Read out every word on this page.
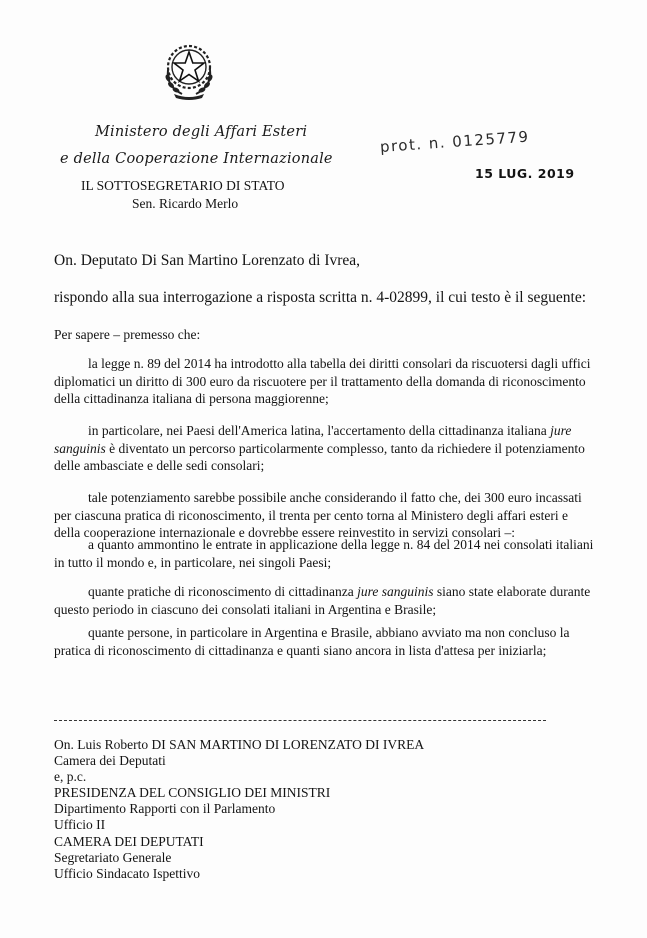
Ministero degli Affari Esteri
e della Cooperazione Internazionale
IL SOTTOSEGRETARIO DI STATO
Sen. Ricardo Merlo
prot. n. 0125779
15 LUG. 2019
On. Deputato Di San Martino Lorenzato di Ivrea,
rispondo alla sua interrogazione a risposta scritta n. 4-02899, il cui testo è il seguente:
Per sapere – premesso che:
la legge n. 89 del 2014 ha introdotto alla tabella dei diritti consolari da riscuotersi dagli uffici
diplomatici un diritto di 300 euro da riscuotere per il trattamento della domanda di riconoscimento
della cittadinanza italiana di persona maggiorenne;
in particolare, nei Paesi dell'America latina, l'accertamento della cittadinanza italiana jure
sanguinis è diventato un percorso particolarmente complesso, tanto da richiedere il potenziamento
delle ambasciate e delle sedi consolari;
tale potenziamento sarebbe possibile anche considerando il fatto che, dei 300 euro incassati
per ciascuna pratica di riconoscimento, il trenta per cento torna al Ministero degli affari esteri e
della cooperazione internazionale e dovrebbe essere reinvestito in servizi consolari –:
a quanto ammontino le entrate in applicazione della legge n. 84 del 2014 nei consolati italiani
in tutto il mondo e, in particolare, nei singoli Paesi;
quante pratiche di riconoscimento di cittadinanza jure sanguinis siano state elaborate durante
questo periodo in ciascuno dei consolati italiani in Argentina e Brasile;
quante persone, in particolare in Argentina e Brasile, abbiano avviato ma non concluso la
pratica di riconoscimento di cittadinanza e quanti siano ancora in lista d'attesa per iniziarla;
On. Luis Roberto DI SAN MARTINO DI LORENZATO DI IVREA
Camera dei Deputati
e, p.c.
PRESIDENZA DEL CONSIGLIO DEI MINISTRI
Dipartimento Rapporti con il Parlamento
Ufficio II
CAMERA DEI DEPUTATI
Segretariato Generale
Ufficio Sindacato Ispettivo
